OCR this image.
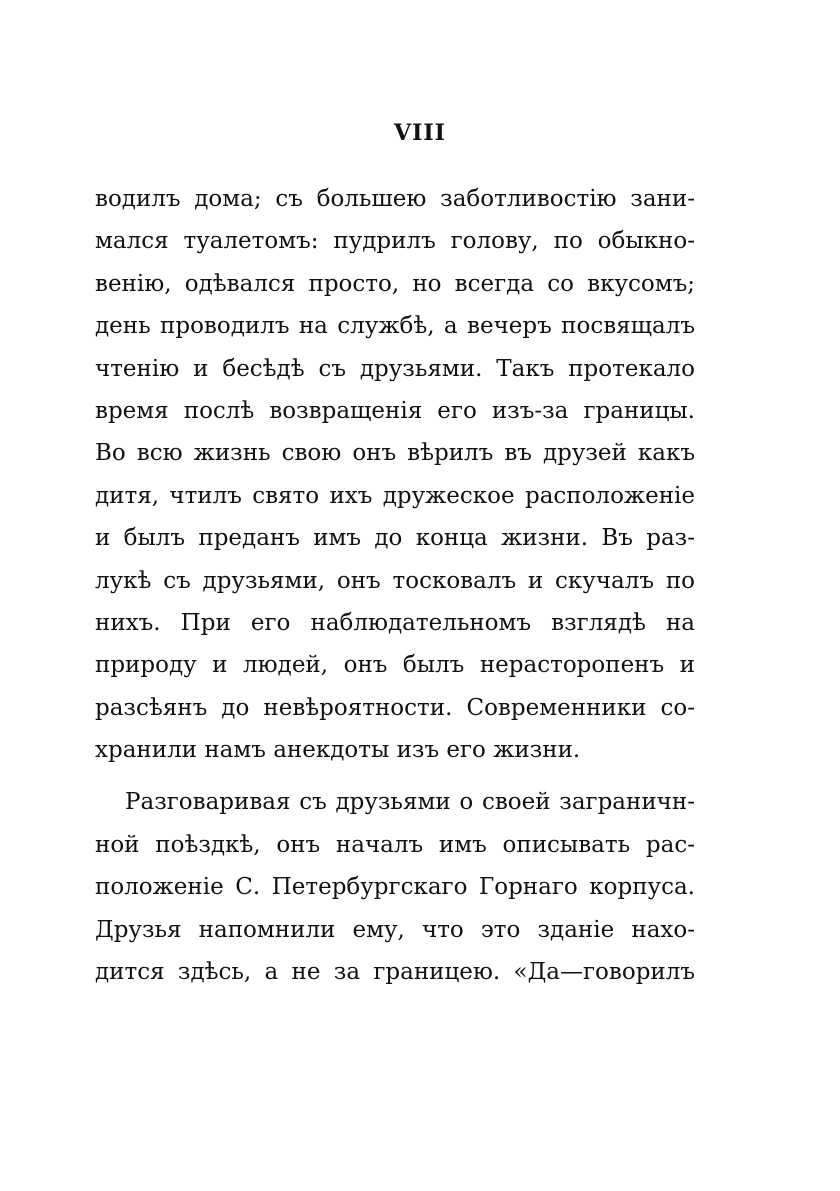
VIII
водилъ дома; съ большею заботливостію зани-
мался туалетомъ: пудрилъ голову, по обыкно-
венію, одѣвался просто, но всегда со вкусомъ;
день проводилъ на службѣ, а вечеръ посвящалъ
чтенію и бесѣдѣ съ друзьями. Такъ протекало
время послѣ возвращенія его изъ-за границы.
Во всю жизнь свою онъ вѣрилъ въ друзей какъ
дитя, чтилъ свято ихъ дружеское расположеніе
и былъ преданъ имъ до конца жизни. Въ раз-
лукѣ съ друзьями, онъ тосковалъ и скучалъ по
нихъ. При его наблюдательномъ взглядѣ на
природу и людей, онъ былъ нерасторопенъ и
разсѣянъ до невѣроятности. Современники со-
хранили намъ анекдоты изъ его жизни.
Разговаривая съ друзьями о своей заграничн-
ной поѣздкѣ, онъ началъ имъ описывать рас-
положеніе С. Петербургскаго Горнаго корпуса.
Друзья напомнили ему, что это зданіе нахо-
дится здѣсь, а не за границею. «Да—говорилъ
